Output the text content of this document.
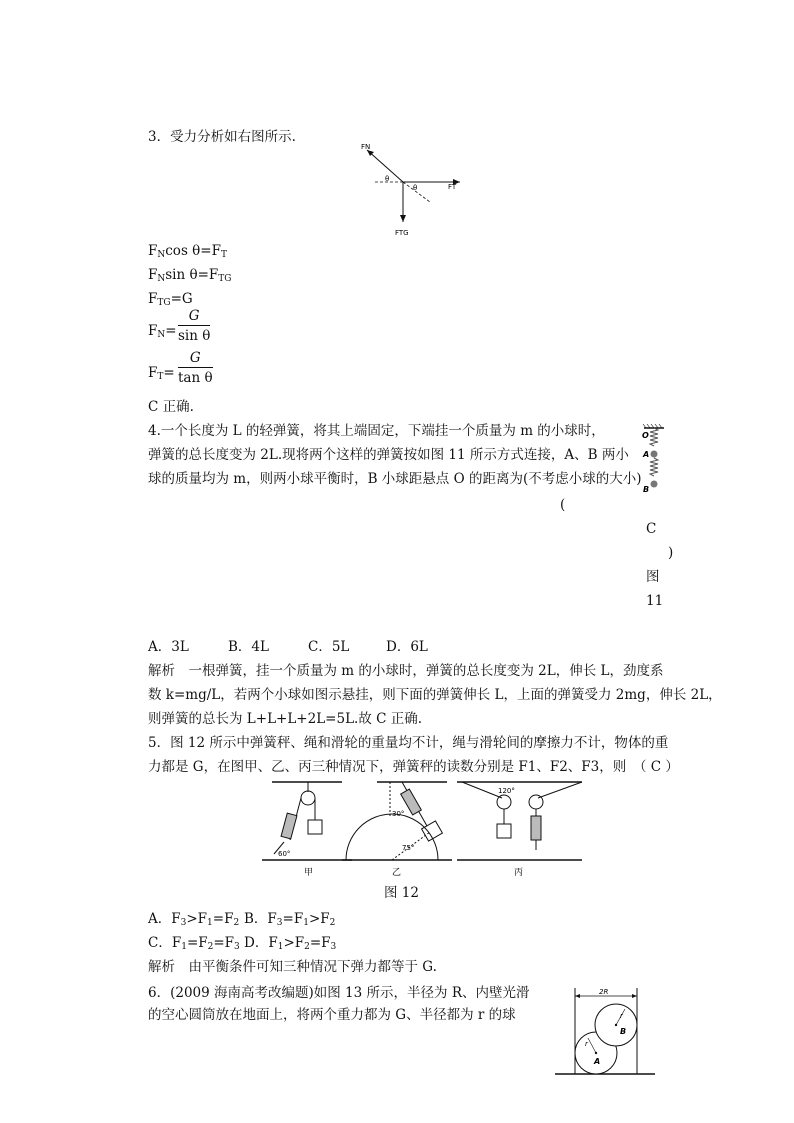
3．受力分析如右图所示.
FN
FT
FTG
θ
θ
$F_N\cos$ $\theta=F_T$
$F_N\sin$ $\theta=F_{TG}$
$F_{TG}=G$
$F_N= \frac{G}{\text{sin θ}}$
$F_T= \frac{G}{\text{tan θ}}$
C 正确.
4.一个长度为 L 的轻弹簧，将其上端固定，下端挂一个质量为 m 的小球时，
弹簧的总长度变为 2L.现将两个这样的弹簧按如图 11 所示方式连接，A、B 两小
球的质量均为 m，则两小球平衡时，B 小球距悬点 O 的距离为(不考虑小球的大小)
(
C
)
图
11
O
A
B
A．3L	B．4L	C．5L	D．6L
解析　一根弹簧，挂一个质量为 m 的小球时，弹簧的总长度变为 2L，伸长 L，劲度系
数 k=mg/L，若两个小球如图示悬挂，则下面的弹簧伸长 L，上面的弹簧受力 2mg，伸长 2L，
则弹簧的总长为 L+L+L+2L=5L.故 C 正确.
5．图 12 所示中弹簧秤、绳和滑轮的重量均不计，绳与滑轮间的摩擦力不计，物体的重
力都是 G，在图甲、乙、丙三种情况下，弹簧秤的读数分别是 F1、F2、F3，则　（ C ）
60°
甲
30°
75°
乙
120°
丙
图 12
A．$F_3>F_1=F_2$ B．$F_3=F_1>F_2$
C．$F_1=F_2=F_3$ D．$F_1>F_2=F_3$
解析　由平衡条件可知三种情况下弹力都等于 G.
6．(2009 海南高考改编题)如图 13 所示，半径为 R、内壁光滑
的空心圆筒放在地面上，将两个重力都为 G、半径都为 r 的球
2R
r
r
B
A
